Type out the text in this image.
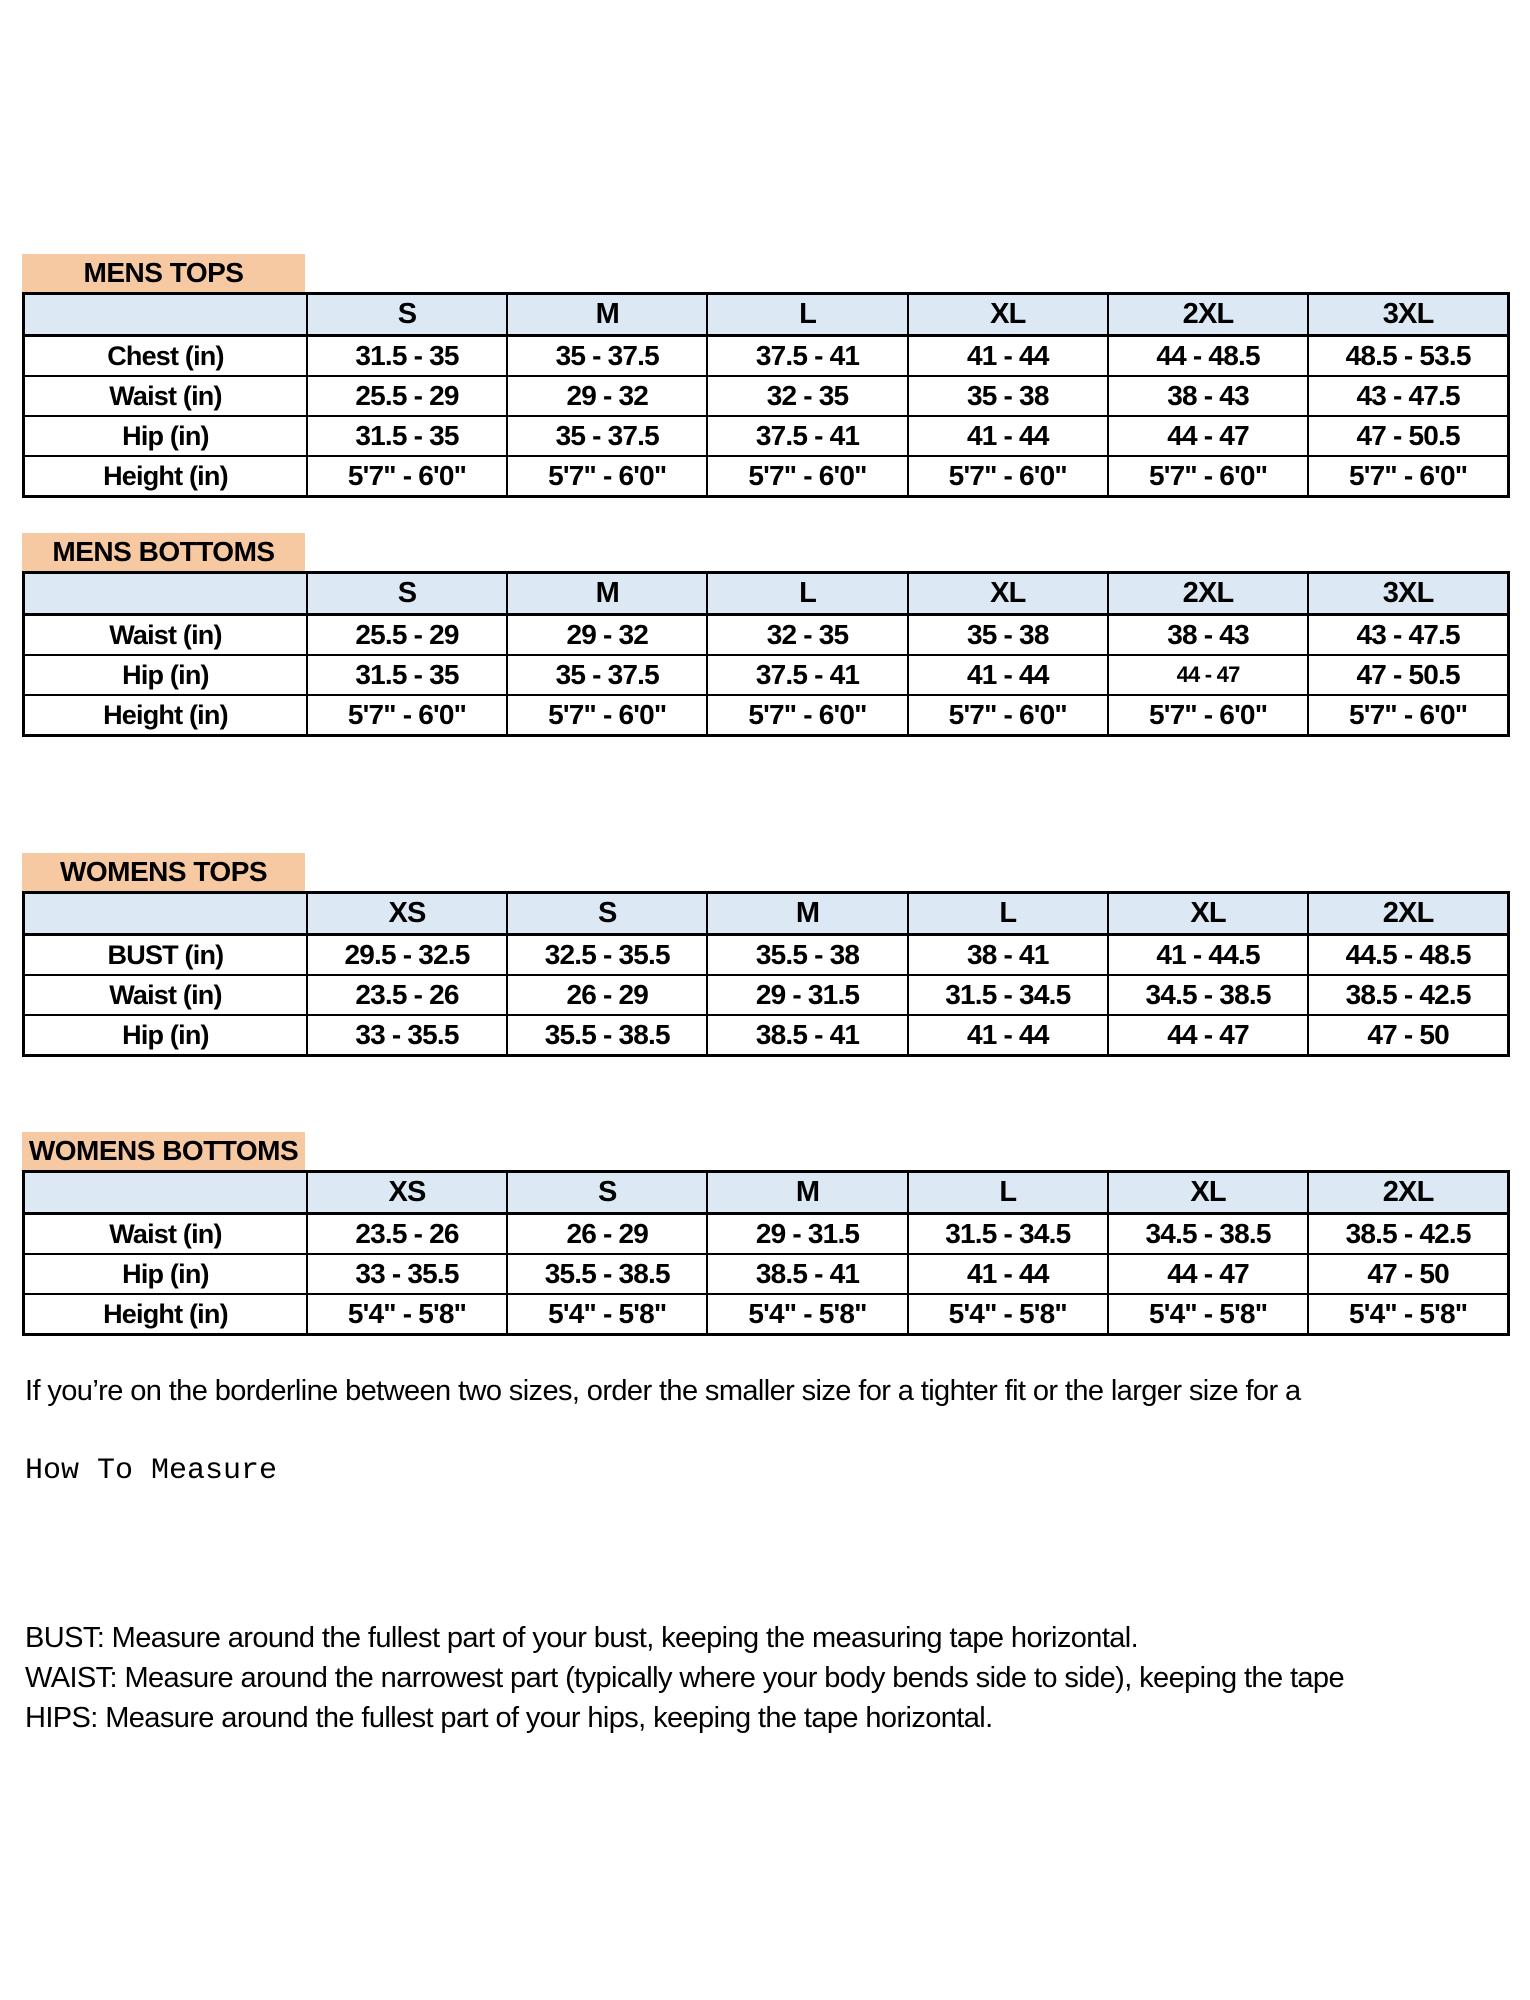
MENS TOPS
	S	M	L	XL	2XL	3XL
Chest (in)	31.5 - 35	35 - 37.5	37.5 - 41	41 - 44	44 - 48.5	48.5 - 53.5
Waist (in)	25.5 - 29	29 - 32	32 - 35	35 - 38	38 - 43	43 - 47.5
Hip (in)	31.5 - 35	35 - 37.5	37.5 - 41	41 - 44	44 - 47	47 - 50.5
Height (in)	5'7" - 6'0"	5'7" - 6'0"	5'7" - 6'0"	5'7" - 6'0"	5'7" - 6'0"	5'7" - 6'0"
MENS BOTTOMS
	S	M	L	XL	2XL	3XL
Waist (in)	25.5 - 29	29 - 32	32 - 35	35 - 38	38 - 43	43 - 47.5
Hip (in)	31.5 - 35	35 - 37.5	37.5 - 41	41 - 44	44 - 47	47 - 50.5
Height (in)	5'7" - 6'0"	5'7" - 6'0"	5'7" - 6'0"	5'7" - 6'0"	5'7" - 6'0"	5'7" - 6'0"
WOMENS TOPS
	XS	S	M	L	XL	2XL
BUST (in)	29.5 - 32.5	32.5 - 35.5	35.5 - 38	38 - 41	41 - 44.5	44.5 - 48.5
Waist (in)	23.5 - 26	26 - 29	29 - 31.5	31.5 - 34.5	34.5 - 38.5	38.5 - 42.5
Hip (in)	33 - 35.5	35.5 - 38.5	38.5 - 41	41 - 44	44 - 47	47 - 50
WOMENS BOTTOMS
	XS	S	M	L	XL	2XL
Waist (in)	23.5 - 26	26 - 29	29 - 31.5	31.5 - 34.5	34.5 - 38.5	38.5 - 42.5
Hip (in)	33 - 35.5	35.5 - 38.5	38.5 - 41	41 - 44	44 - 47	47 - 50
Height (in)	5'4" - 5'8"	5'4" - 5'8"	5'4" - 5'8"	5'4" - 5'8"	5'4" - 5'8"	5'4" - 5'8"
If you’re on the borderline between two sizes, order the smaller size for a tighter fit or the larger size for a
How To Measure
BUST: Measure around the fullest part of your bust, keeping the measuring tape horizontal.
WAIST: Measure around the narrowest part (typically where your body bends side to side), keeping the tape
HIPS: Measure around the fullest part of your hips, keeping the tape horizontal.
